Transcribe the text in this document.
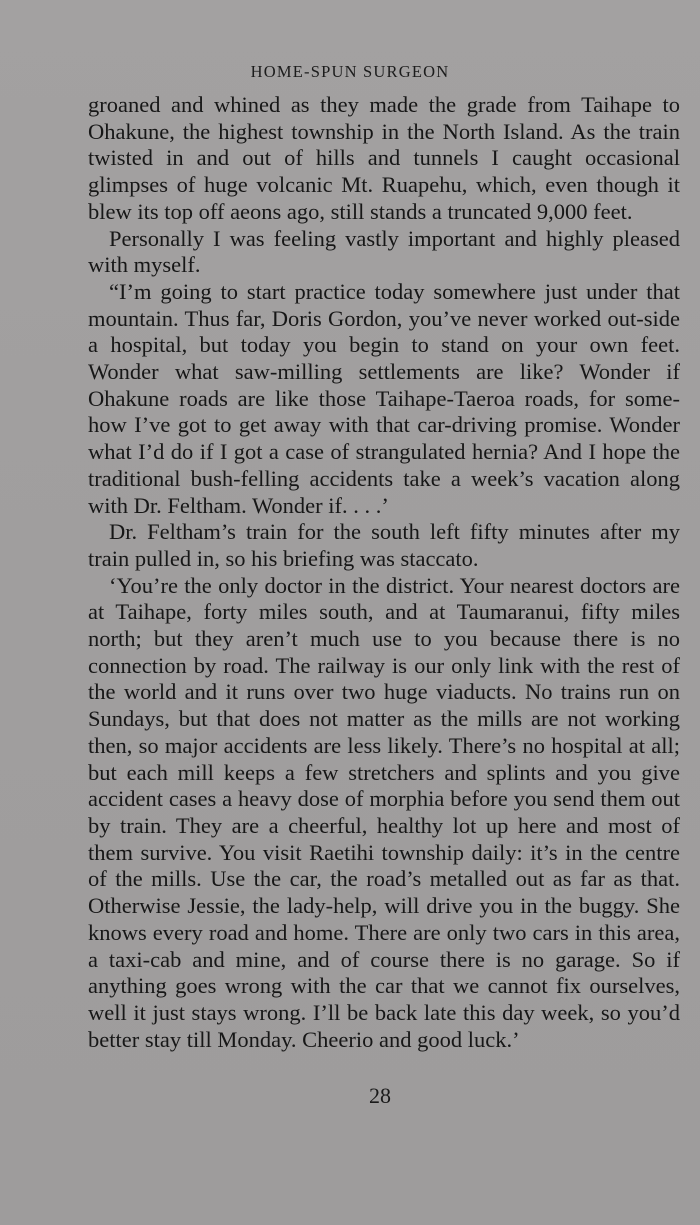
HOME-SPUN SURGEON

groaned and whined as they made the grade from Taihape to Ohakune, the highest township in the North Island. As the train twisted in and out of hills and tunnels I caught occasional glimpses of huge volcanic Mt. Ruapehu, which, even though it blew its top off aeons ago, still stands a truncated 9,000 feet.

Personally I was feeling vastly important and highly pleased with myself.

“I’m going to start practice today somewhere just under that mountain. Thus far, Doris Gordon, you’ve never worked out-side a hospital, but today you begin to stand on your own feet. Wonder what saw-milling settlements are like? Wonder if Ohakune roads are like those Taihape-Taeroa roads, for some-how I’ve got to get away with that car-driving promise. Wonder what I’d do if I got a case of strangulated hernia? And I hope the traditional bush-felling accidents take a week’s vacation along with Dr. Feltham. Wonder if. . . .’

Dr. Feltham’s train for the south left fifty minutes after my train pulled in, so his briefing was staccato.

‘You’re the only doctor in the district. Your nearest doctors are at Taihape, forty miles south, and at Taumaranui, fifty miles north; but they aren’t much use to you because there is no connection by road. The railway is our only link with the rest of the world and it runs over two huge viaducts. No trains run on Sundays, but that does not matter as the mills are not working then, so major accidents are less likely. There’s no hospital at all; but each mill keeps a few stretchers and splints and you give accident cases a heavy dose of morphia before you send them out by train. They are a cheerful, healthy lot up here and most of them survive. You visit Raetihi township daily: it’s in the centre of the mills. Use the car, the road’s metalled out as far as that. Otherwise Jessie, the lady-help, will drive you in the buggy. She knows every road and home. There are only two cars in this area, a taxi-cab and mine, and of course there is no garage. So if anything goes wrong with the car that we cannot fix ourselves, well it just stays wrong. I’ll be back late this day week, so you’d better stay till Monday. Cheerio and good luck.’

28
